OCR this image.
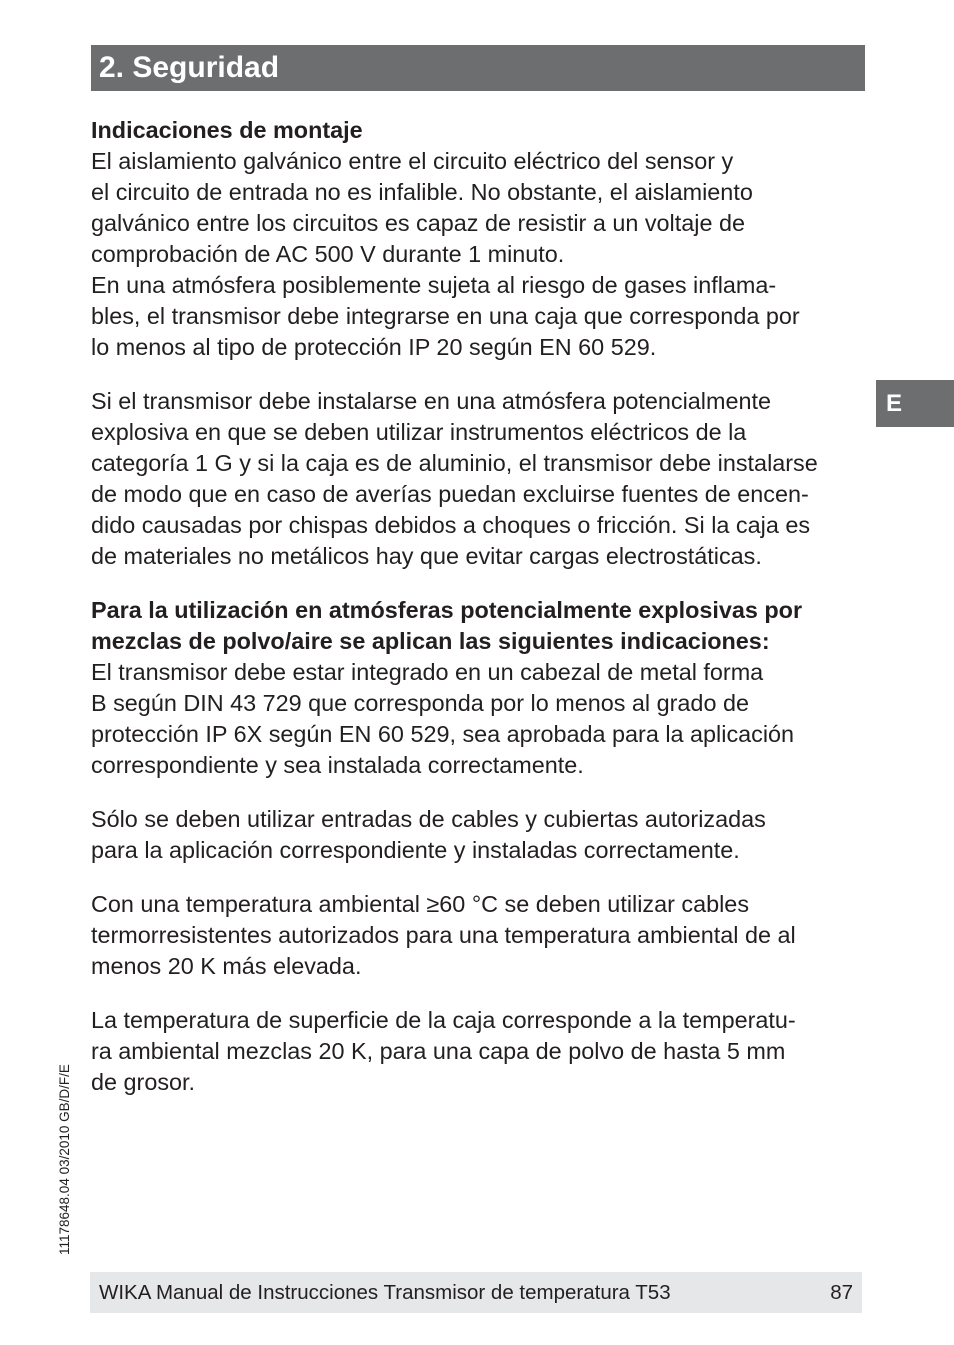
2. Seguridad
E

Indicaciones de montaje

El aislamiento galvánico entre el circuito eléctrico del sensor y
el circuito de entrada no es infalible. No obstante, el aislamiento
galvánico entre los circuitos es capaz de resistir a un voltaje de
comprobación de AC 500 V durante 1 minuto.
En una atmósfera posiblemente sujeta al riesgo de gases inflama-
bles, el transmisor debe integrarse en una caja que corresponda por
lo menos al tipo de protección IP 20 según EN 60 529.

Si el transmisor debe instalarse en una atmósfera potencialmente
explosiva en que se deben utilizar instrumentos eléctricos de la
categoría 1 G y si la caja es de aluminio, el transmisor debe instalarse
de modo que en caso de averías puedan excluirse fuentes de encen-
dido causadas por chispas debidos a choques o fricción. Si la caja es
de materiales no metálicos hay que evitar cargas electrostáticas.

Para la utilización en atmósferas potencialmente explosivas por
mezclas de polvo/aire se aplican las siguientes indicaciones:

El transmisor debe estar integrado en un cabezal de metal forma
B según DIN 43 729 que corresponda por lo menos al grado de
protección IP 6X según EN 60 529, sea aprobada para la aplicación
correspondiente y sea instalada correctamente.

Sólo se deben utilizar entradas de cables y cubiertas autorizadas
para la aplicación correspondiente y instaladas correctamente.

Con una temperatura ambiental ≥60 °C se deben utilizar cables
termorresistentes autorizados para una temperatura ambiental de al
menos 20 K más elevada.

La temperatura de superficie de la caja corresponde a la temperatu-
ra ambiental mezclas 20 K, para una capa de polvo de hasta 5 mm
de grosor.

11178648.04 03/2010 GB/D/F/E
WIKA Manual de Instrucciones Transmisor de temperatura T53	87
